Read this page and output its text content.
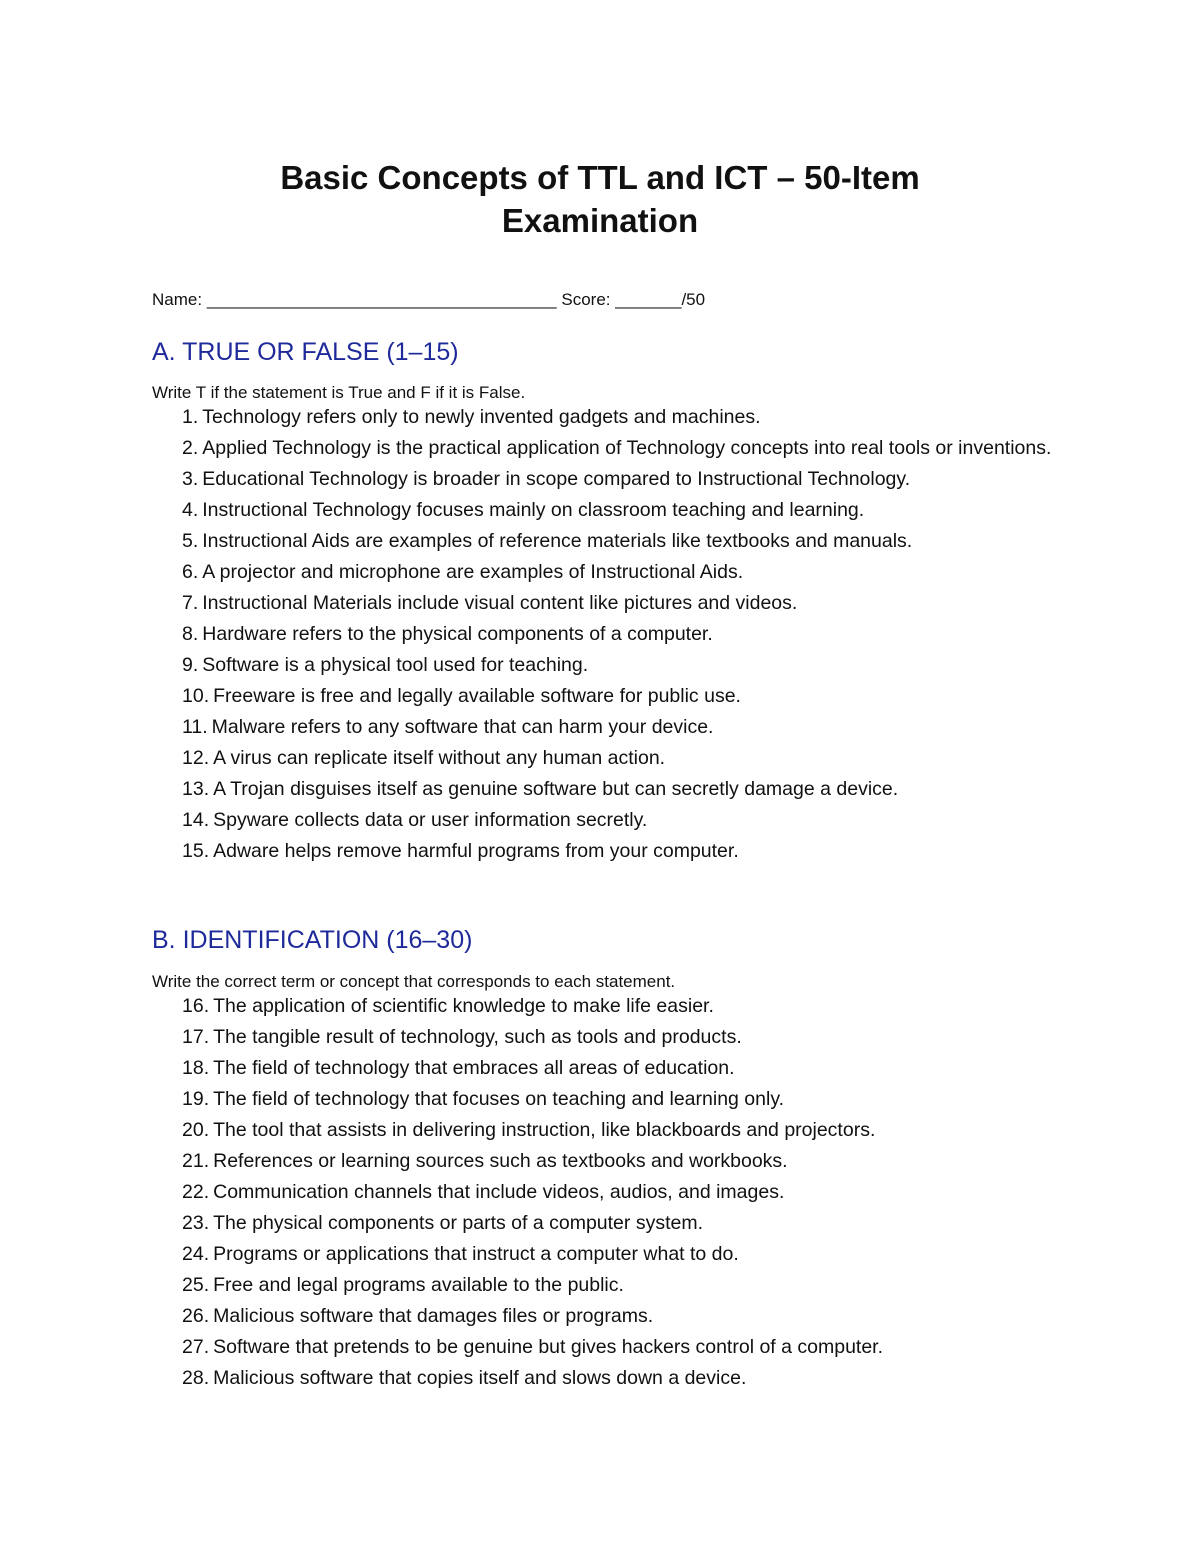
Basic Concepts of TTL and ICT – 50-Item
Examination
Name: _____________________________________ Score: _______/50
A. TRUE OR FALSE (1–15)
Write T if the statement is True and F if it is False.
1. Technology refers only to newly invented gadgets and machines.
2. Applied Technology is the practical application of Technology concepts into real tools or inventions.
3. Educational Technology is broader in scope compared to Instructional Technology.
4. Instructional Technology focuses mainly on classroom teaching and learning.
5. Instructional Aids are examples of reference materials like textbooks and manuals.
6. A projector and microphone are examples of Instructional Aids.
7. Instructional Materials include visual content like pictures and videos.
8. Hardware refers to the physical components of a computer.
9. Software is a physical tool used for teaching.
10. Freeware is free and legally available software for public use.
11. Malware refers to any software that can harm your device.
12. A virus can replicate itself without any human action.
13. A Trojan disguises itself as genuine software but can secretly damage a device.
14. Spyware collects data or user information secretly.
15. Adware helps remove harmful programs from your computer.
B. IDENTIFICATION (16–30)
Write the correct term or concept that corresponds to each statement.
16. The application of scientific knowledge to make life easier.
17. The tangible result of technology, such as tools and products.
18. The field of technology that embraces all areas of education.
19. The field of technology that focuses on teaching and learning only.
20. The tool that assists in delivering instruction, like blackboards and projectors.
21. References or learning sources such as textbooks and workbooks.
22. Communication channels that include videos, audios, and images.
23. The physical components or parts of a computer system.
24. Programs or applications that instruct a computer what to do.
25. Free and legal programs available to the public.
26. Malicious software that damages files or programs.
27. Software that pretends to be genuine but gives hackers control of a computer.
28. Malicious software that copies itself and slows down a device.
